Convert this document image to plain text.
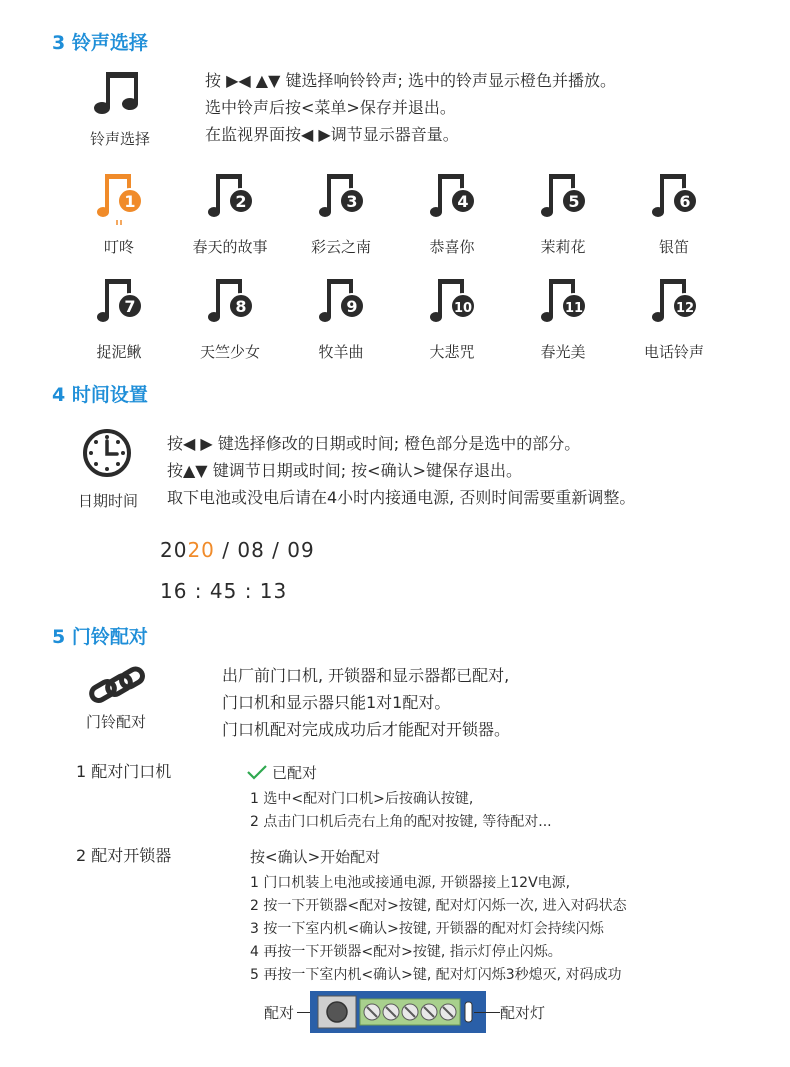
3 铃声选择
铃声选择
按 ▶◀ ▲▼ 键选择响铃铃声; 选中的铃声显示橙色并播放。
选中铃声后按<菜单>保存并退出。
在监视界面按◀ ▶调节显示器音量。
1
叮咚
2
春天的故事
3
彩云之南
4
恭喜你
5
茉莉花
6
银笛
7
捉泥鳅
8
天竺少女
9
牧羊曲
10
大悲咒
11
春光美
12
电话铃声
4 时间设置
日期时间
按◀ ▶ 键选择修改的日期或时间; 橙色部分是选中的部分。
按▲▼ 键调节日期或时间; 按<确认>键保存退出。
取下电池或没电后请在4小时内接通电源, 否则时间需要重新调整。
2020 / 08 / 09
16 : 45 : 13
5 门铃配对
门铃配对
出厂前门口机, 开锁器和显示器都已配对,
门口机和显示器只能1对1配对。
门口机配对完成成功后才能配对开锁器。
1 配对门口机	已配对
1 选中<配对门口机>后按确认按键,
2 点击门口机后壳右上角的配对按键, 等待配对...
2 配对开锁器	按<确认>开始配对
1 门口机装上电池或接通电源, 开锁器接上12V电源,
2 按一下开锁器<配对>按键, 配对灯闪烁一次, 进入对码状态
3 按一下室内机<确认>按键, 开锁器的配对灯会持续闪烁
4 再按一下开锁器<配对>按键, 指示灯停止闪烁。
5 再按一下室内机<确认>键, 配对灯闪烁3秒熄灭, 对码成功
配对	配对灯
